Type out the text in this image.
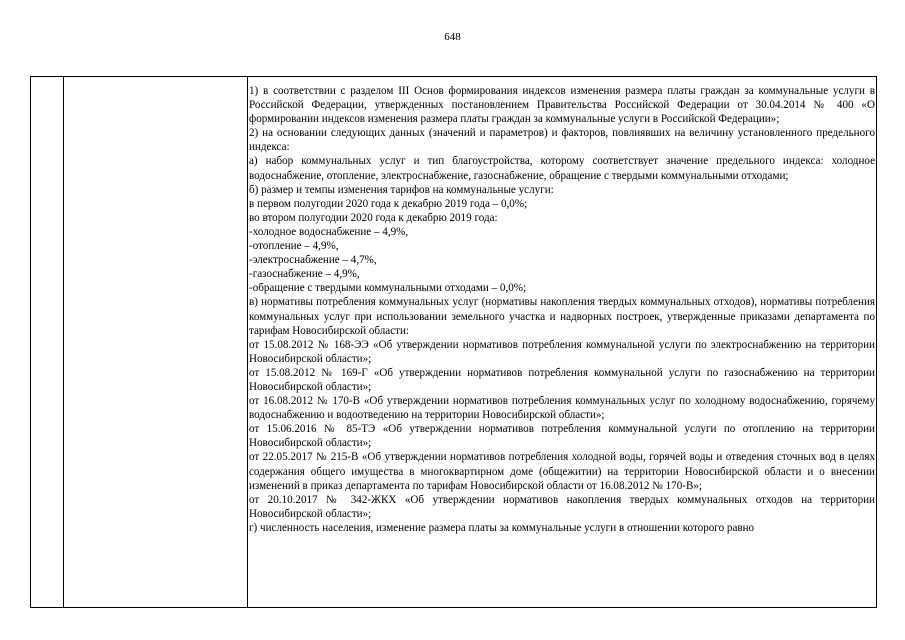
648

1) в соответствии с разделом III Основ формирования индексов изменения размера платы граждан за коммунальные услуги в Российской Федерации, утвержденных постановлением Правительства Российской Федерации от 30.04.2014 № 400 «О формировании индексов изменения размера платы граждан за коммунальные услуги в Российской Федерации»;

2) на основании следующих данных (значений и параметров) и факторов, повлиявших на величину установленного предельного индекса:

а) набор коммунальных услуг и тип благоустройства, которому соответствует значение предельного индекса: холодное водоснабжение, отопление, электроснабжение, газоснабжение, обращение с твердыми коммунальными отходами;

б) размер и темпы изменения тарифов на коммунальные услуги:

в первом полугодии 2020 года к декабрю 2019 года – 0,0%;

во втором полугодии 2020 года к декабрю 2019 года:

-холодное водоснабжение – 4,9%,

-отопление – 4,9%,

-электроснабжение – 4,7%,

-газоснабжение – 4,9%,

-обращение с твердыми коммунальными отходами – 0,0%;

в) нормативы потребления коммунальных услуг (нормативы накопления твердых коммунальных отходов), нормативы потребления коммунальных услуг при использовании земельного участка и надворных построек, утвержденные приказами департамента по тарифам Новосибирской области:

от 15.08.2012 № 168-ЭЭ «Об утверждении нормативов потребления коммунальной услуги по электроснабжению на территории Новосибирской области»;

от 15.08.2012 № 169-Г «Об утверждении нормативов потребления коммунальной услуги по газоснабжению на территории Новосибирской области»;

от 16.08.2012 № 170-В «Об утверждении нормативов потребления коммунальных услуг по холодному водоснабжению, горячему водоснабжению и водоотведению на территории Новосибирской области»;

от 15.06.2016 № 85-ТЭ «Об утверждении нормативов потребления коммунальной услуги по отоплению на территории Новосибирской области»;

от 22.05.2017 № 215-В «Об утверждении нормативов потребления холодной воды, горячей воды и отведения сточных вод в целях содержания общего имущества в многоквартирном доме (общежитии) на территории Новосибирской области и о внесении изменений в приказ департамента по тарифам Новосибирской области от 16.08.2012 № 170-В»;

от 20.10.2017 № 342-ЖКХ «Об утверждении нормативов накопления твердых коммунальных отходов на территории Новосибирской области»;

г) численность населения, изменение размера платы за коммунальные услуги в отношении которого равно
